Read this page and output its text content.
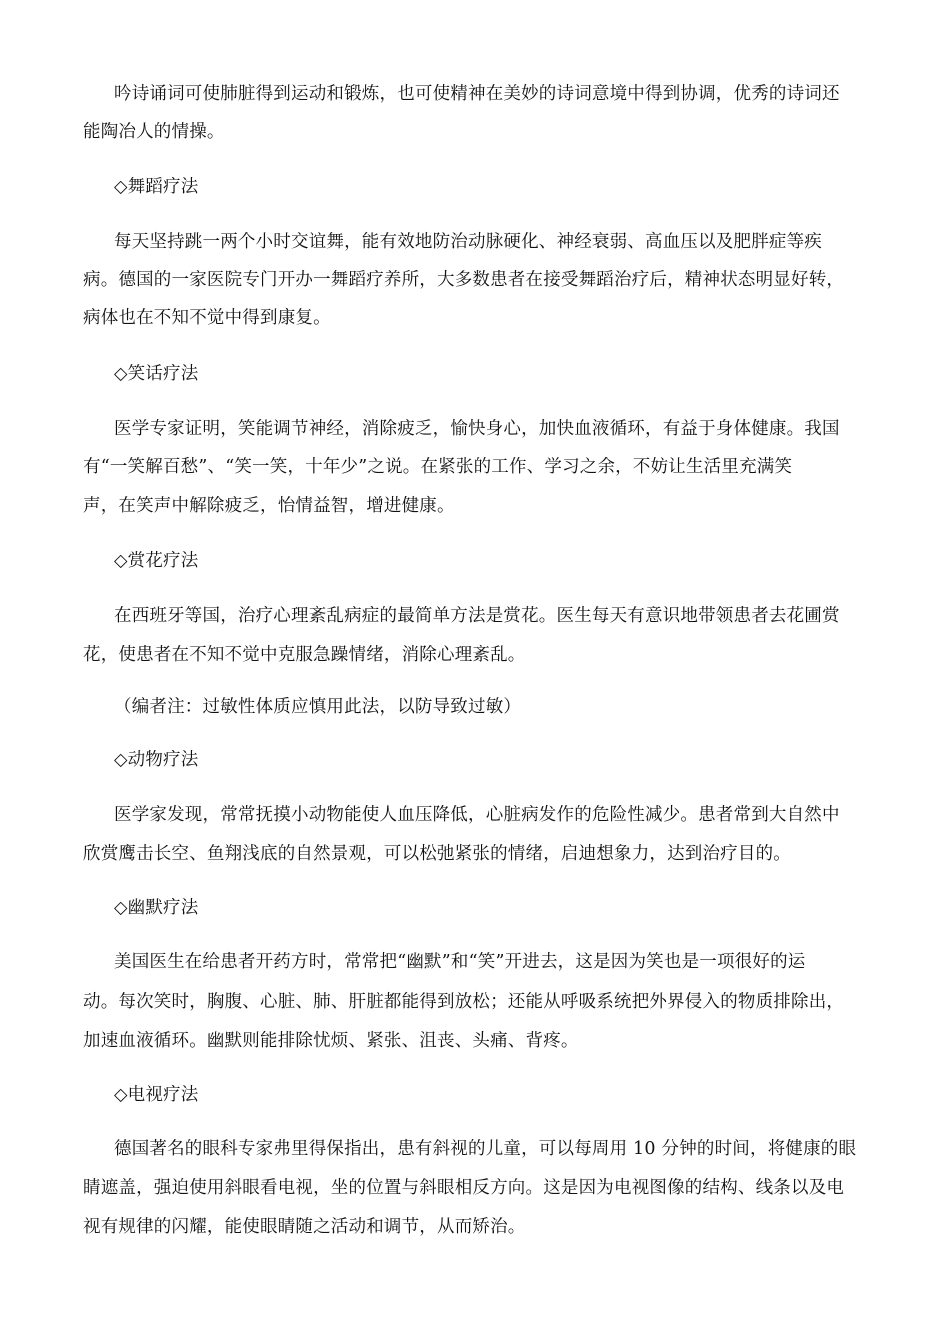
吟诗诵词可使肺脏得到运动和锻炼，也可使精神在美妙的诗词意境中得到协调，优秀的诗词还
能陶冶人的情操。
◇舞蹈疗法
每天坚持跳一两个小时交谊舞，能有效地防治动脉硬化、神经衰弱、高血压以及肥胖症等疾
病。德国的一家医院专门开办一舞蹈疗养所，大多数患者在接受舞蹈治疗后，精神状态明显好转，
病体也在不知不觉中得到康复。
◇笑话疗法
医学专家证明，笑能调节神经，消除疲乏，愉快身心，加快血液循环，有益于身体健康。我国
有“一笑解百愁”、“笑一笑，十年少”之说。在紧张的工作、学习之余，不妨让生活里充满笑
声，在笑声中解除疲乏，怡情益智，增进健康。
◇赏花疗法
在西班牙等国，治疗心理紊乱病症的最简单方法是赏花。医生每天有意识地带领患者去花圃赏
花，使患者在不知不觉中克服急躁情绪，消除心理紊乱。
（编者注：过敏性体质应慎用此法，以防导致过敏）
◇动物疗法
医学家发现，常常抚摸小动物能使人血压降低，心脏病发作的危险性减少。患者常到大自然中
欣赏鹰击长空、鱼翔浅底的自然景观，可以松弛紧张的情绪，启迪想象力，达到治疗目的。
◇幽默疗法
美国医生在给患者开药方时，常常把“幽默”和“笑”开进去，这是因为笑也是一项很好的运
动。每次笑时，胸腹、心脏、肺、肝脏都能得到放松；还能从呼吸系统把外界侵入的物质排除出，
加速血液循环。幽默则能排除忧烦、紧张、沮丧、头痛、背疼。
◇电视疗法
德国著名的眼科专家弗里得保指出，患有斜视的儿童，可以每周用 10 分钟的时间，将健康的眼
睛遮盖，强迫使用斜眼看电视，坐的位置与斜眼相反方向。这是因为电视图像的结构、线条以及电
视有规律的闪耀，能使眼睛随之活动和调节，从而矫治。
